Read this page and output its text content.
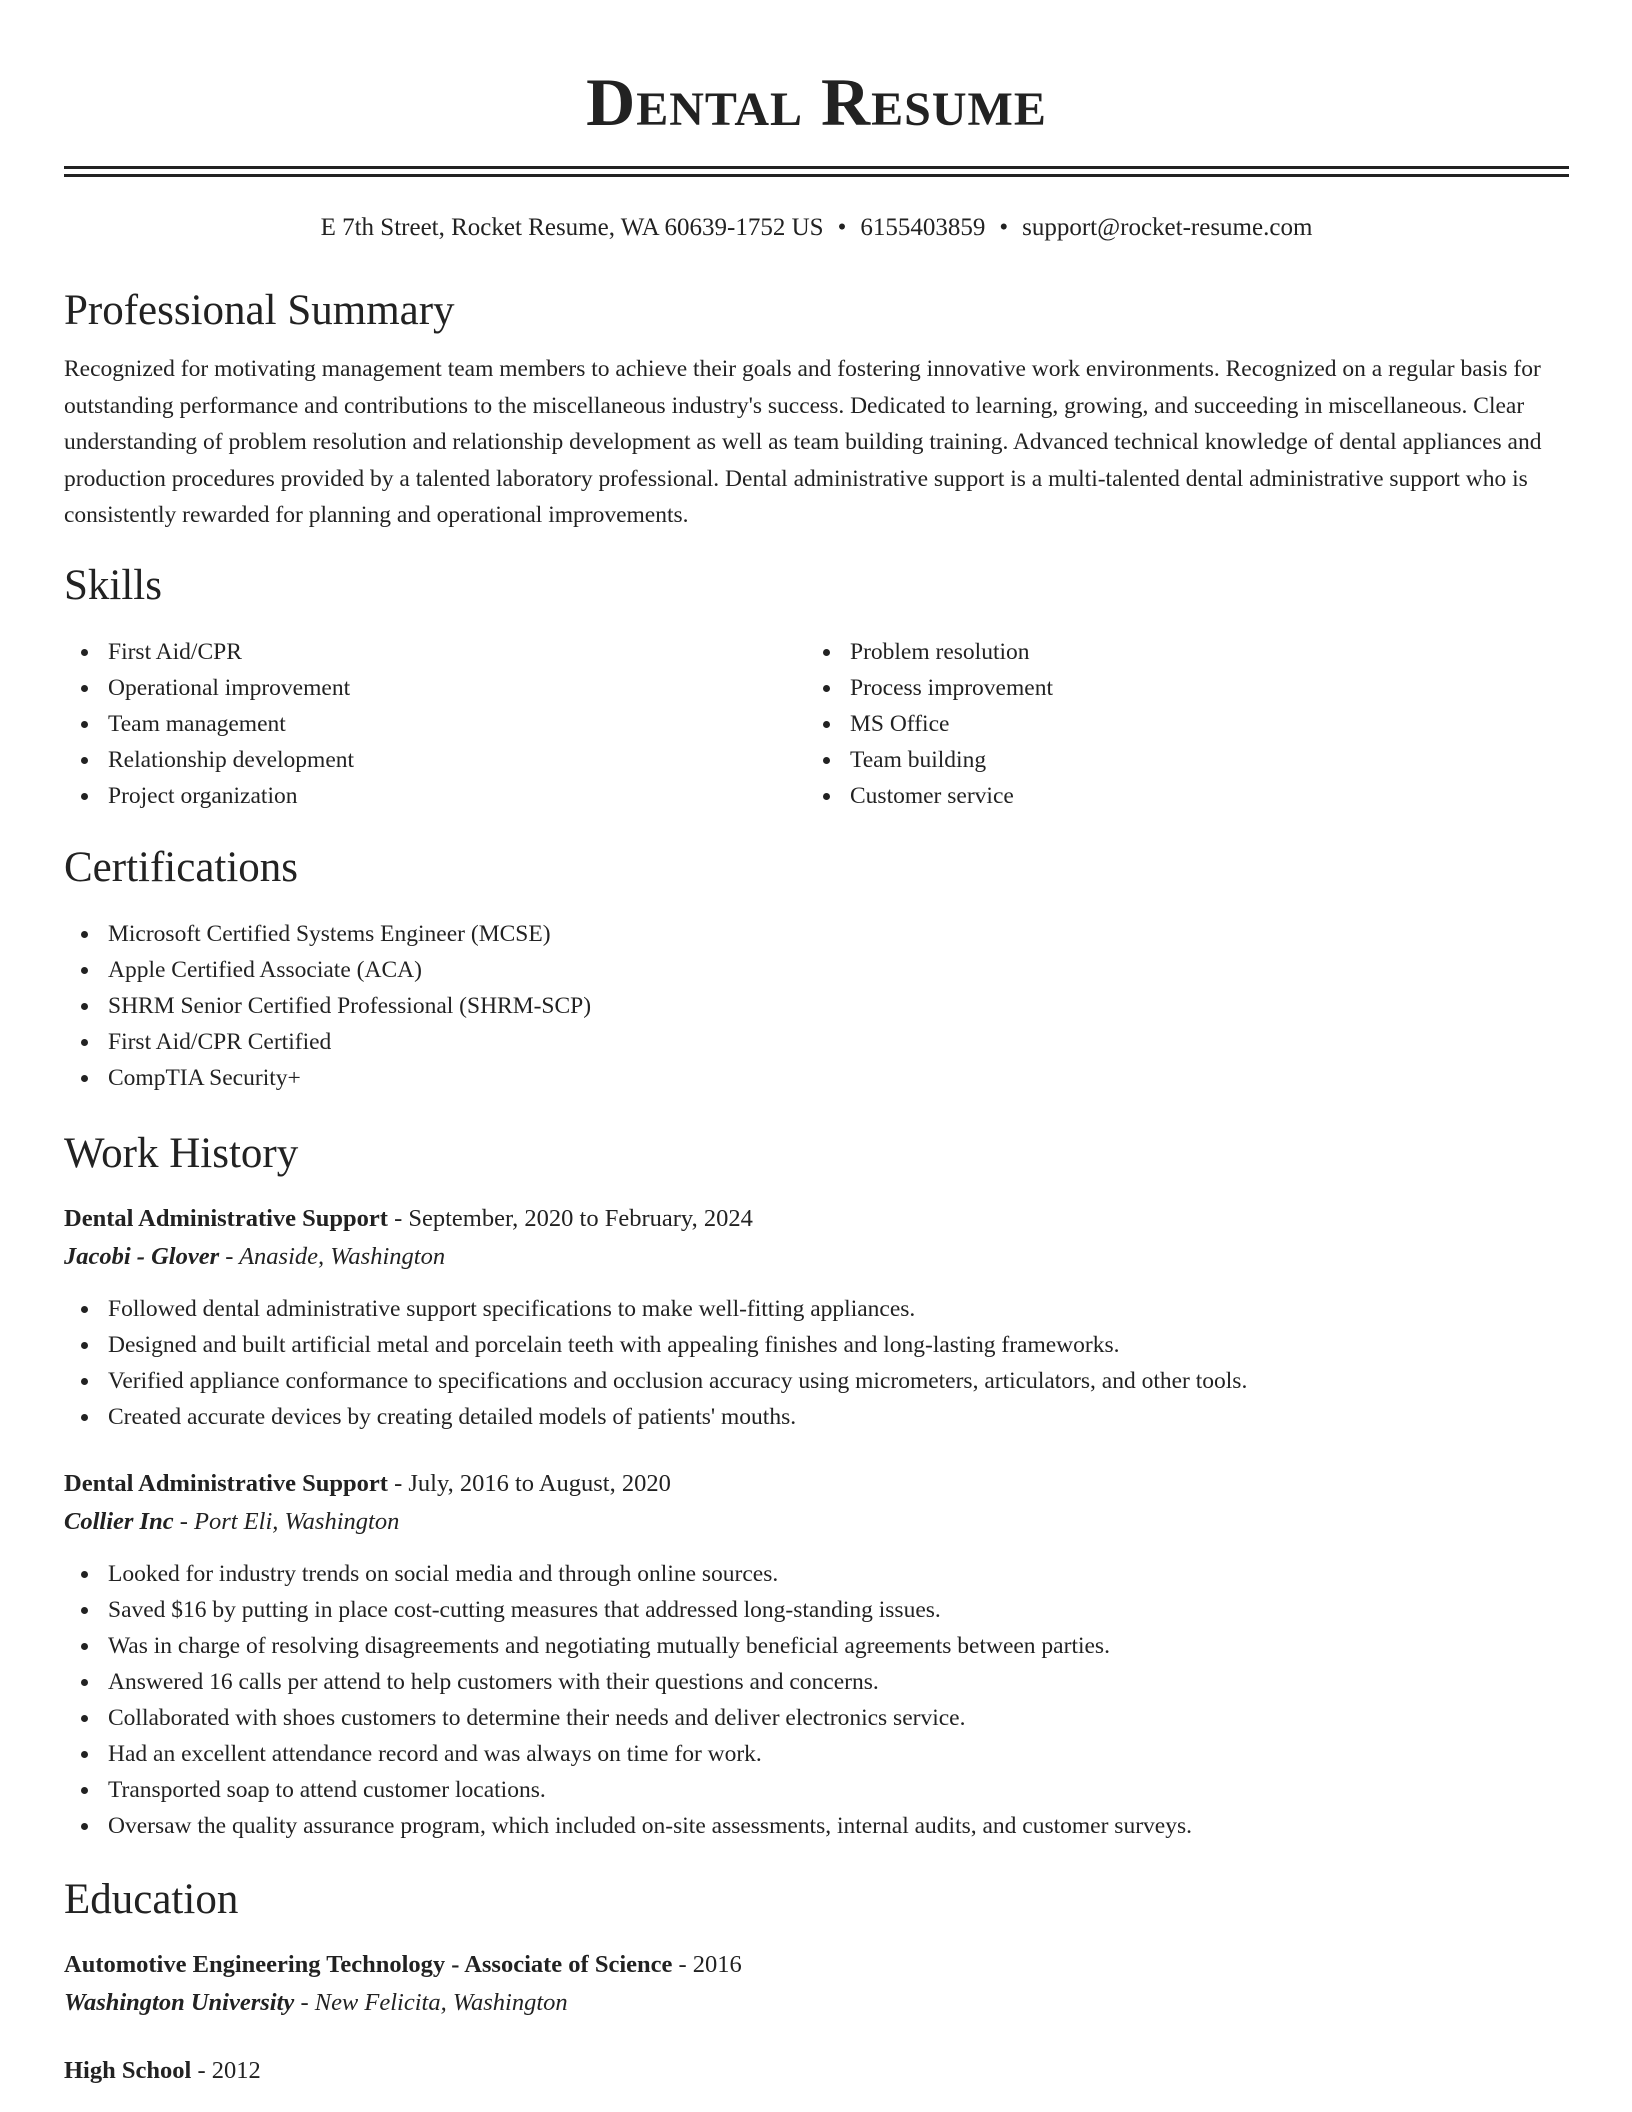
Dental Resume
E 7th Street, Rocket Resume, WA 60639-1752 US • 6155403859 • support@rocket-resume.com
Professional Summary

Recognized for motivating management team members to achieve their goals and fostering innovative work environments. Recognized on a regular basis for outstanding performance and contributions to the miscellaneous industry's success. Dedicated to learning, growing, and succeeding in miscellaneous. Clear understanding of problem resolution and relationship development as well as team building training. Advanced technical knowledge of dental appliances and production procedures provided by a talented laboratory professional. Dental administrative support is a multi-talented dental administrative support who is consistently rewarded for planning and operational improvements.

Skills
First Aid/CPR
Operational improvement
Team management
Relationship development
Project organization
Problem resolution
Process improvement
MS Office
Team building
Customer service
Certifications
Microsoft Certified Systems Engineer (MCSE)
Apple Certified Associate (ACA)
SHRM Senior Certified Professional (SHRM-SCP)
First Aid/CPR Certified
CompTIA Security+
Work History
Dental Administrative Support - September, 2020 to February, 2024
Jacobi - Glover - Anaside, Washington
Followed dental administrative support specifications to make well-fitting appliances.
Designed and built artificial metal and porcelain teeth with appealing finishes and long-lasting frameworks.
Verified appliance conformance to specifications and occlusion accuracy using micrometers, articulators, and other tools.
Created accurate devices by creating detailed models of patients' mouths.
Dental Administrative Support - July, 2016 to August, 2020
Collier Inc - Port Eli, Washington
Looked for industry trends on social media and through online sources.
Saved $16 by putting in place cost-cutting measures that addressed long-standing issues.
Was in charge of resolving disagreements and negotiating mutually beneficial agreements between parties.
Answered 16 calls per attend to help customers with their questions and concerns.
Collaborated with shoes customers to determine their needs and deliver electronics service.
Had an excellent attendance record and was always on time for work.
Transported soap to attend customer locations.
Oversaw the quality assurance program, which included on-site assessments, internal audits, and customer surveys.
Education
Automotive Engineering Technology - Associate of Science - 2016
Washington University - New Felicita, Washington
High School - 2012
